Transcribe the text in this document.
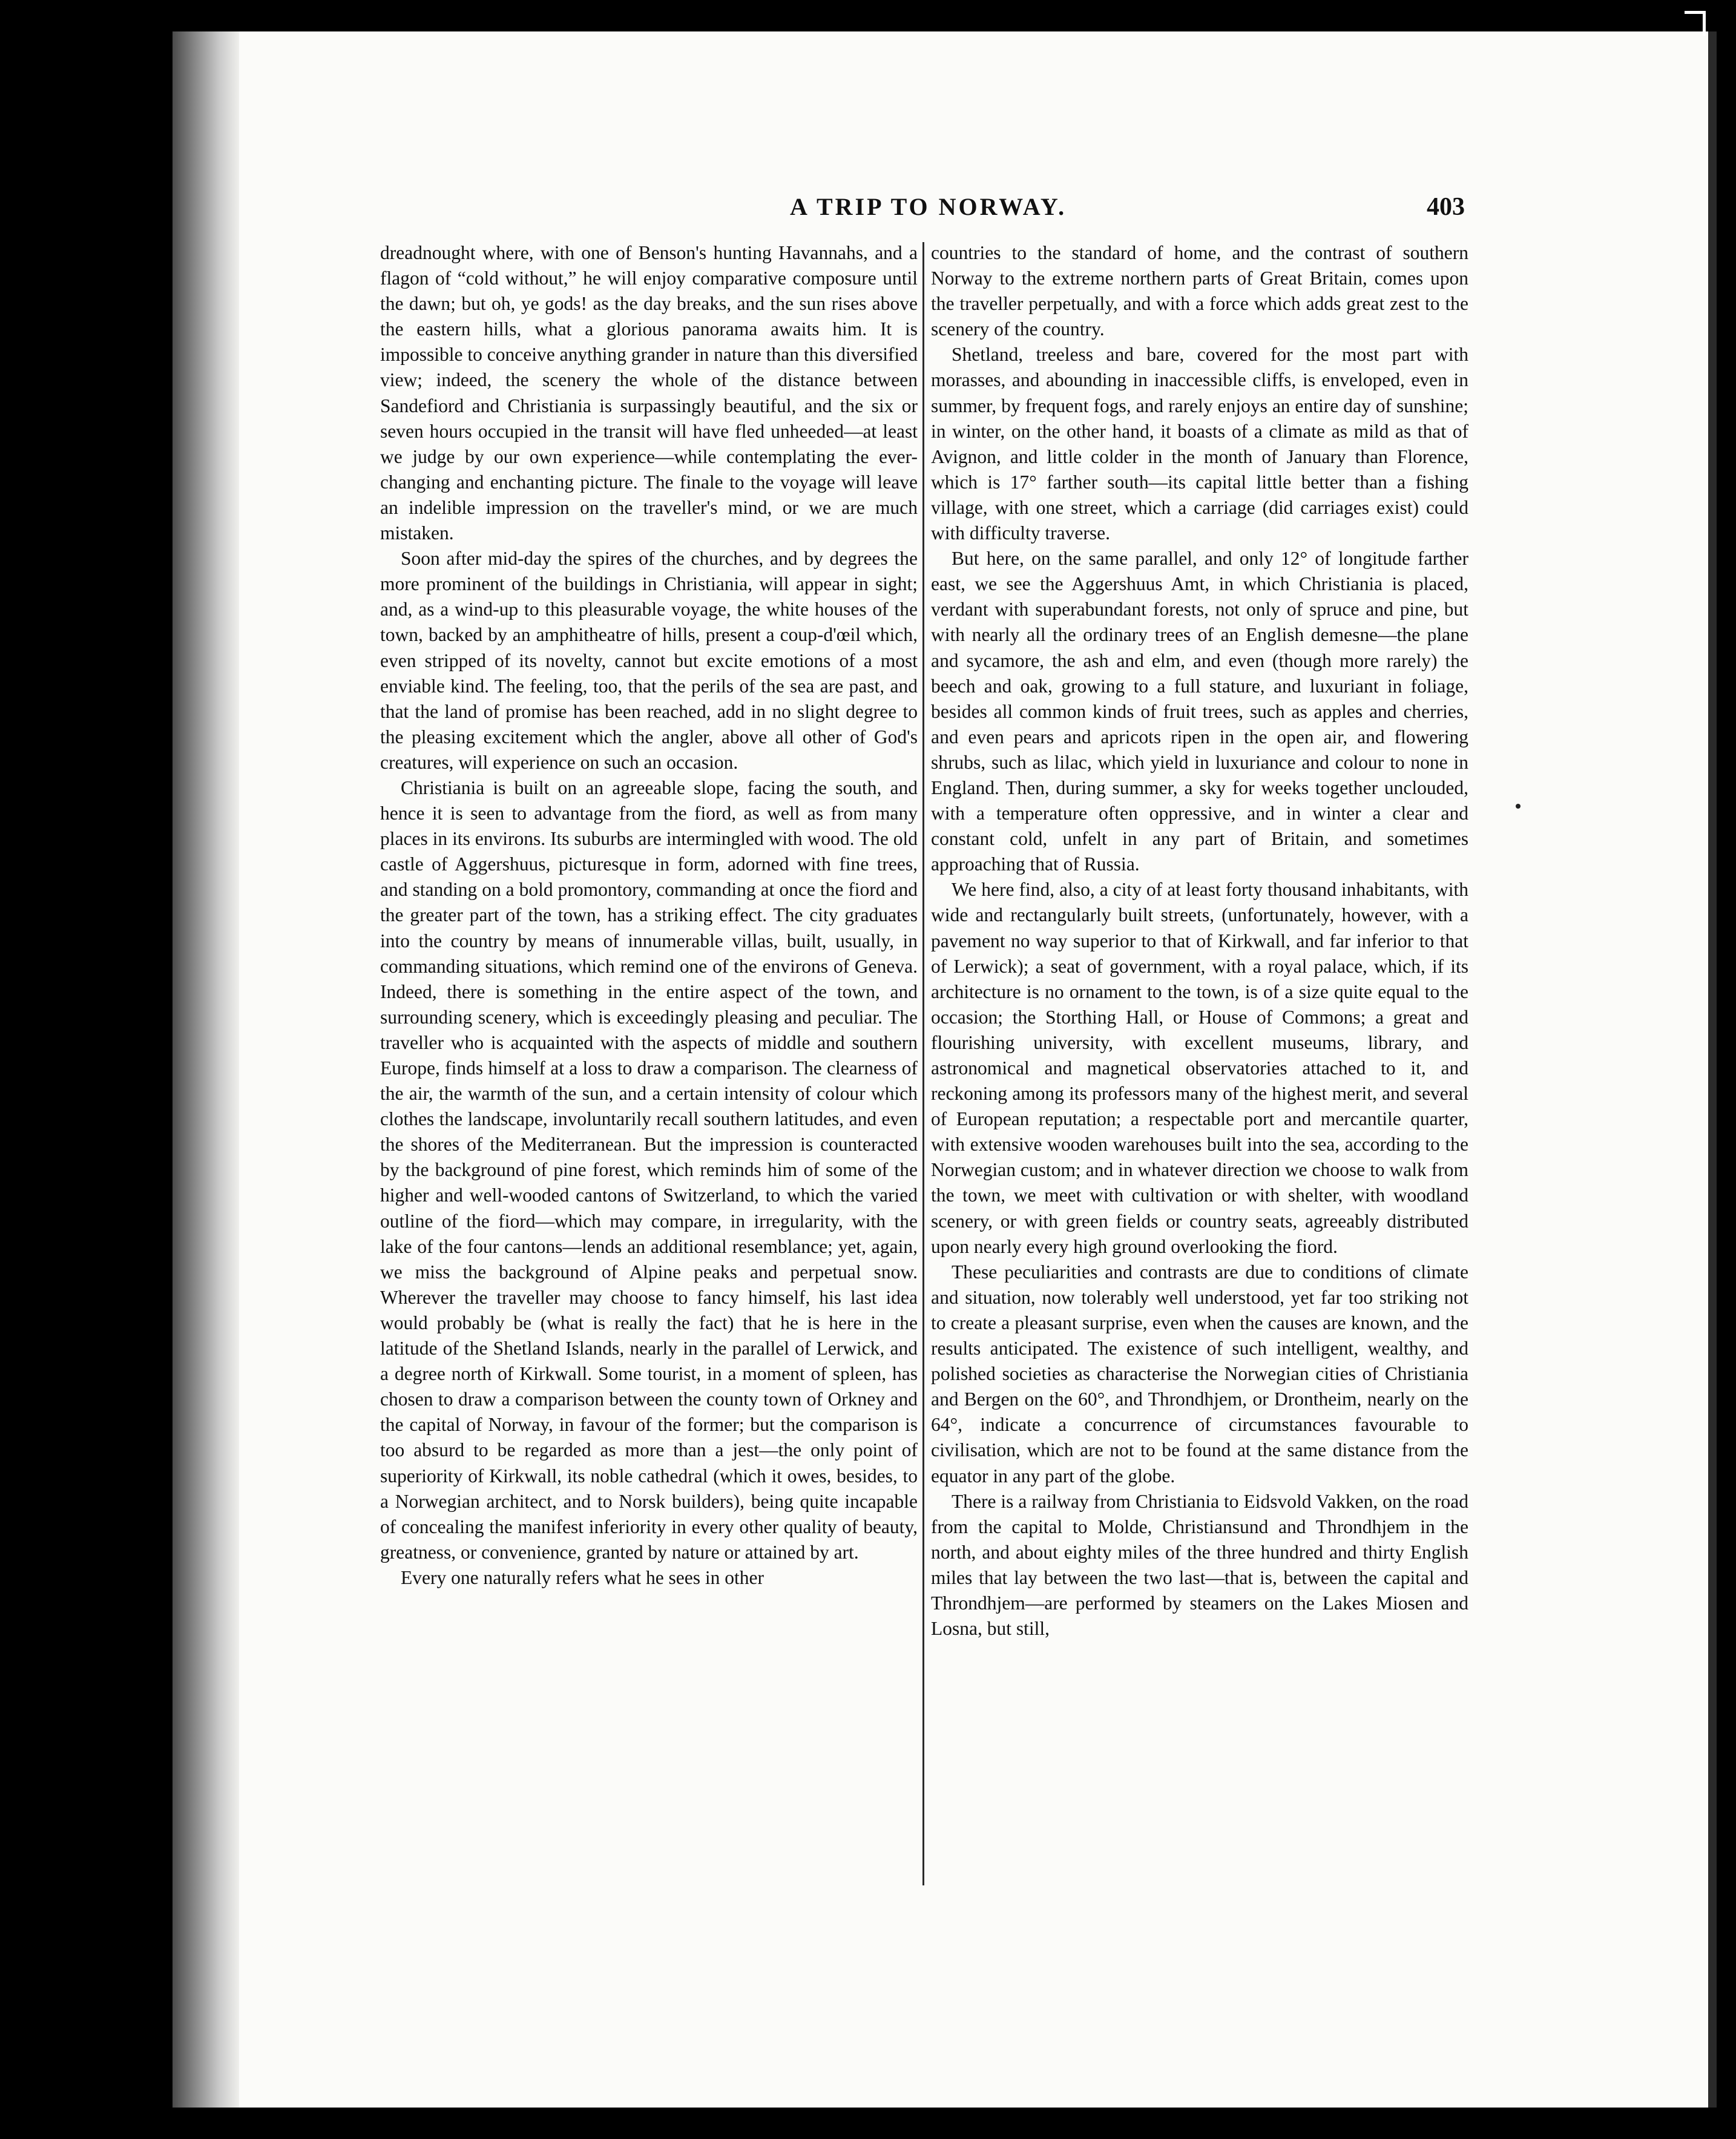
A TRIP TO NORWAY.	403

dreadnought where, with one of Benson's hunting Havannahs, and a flagon of “cold without,” he will enjoy comparative composure until the dawn; but oh, ye gods! as the day breaks, and the sun rises above the eastern hills, what a glorious panorama awaits him. It is impossible to conceive anything grander in nature than this diversified view; indeed, the scenery the whole of the distance between Sandefiord and Christiania is surpassingly beautiful, and the six or seven hours occupied in the transit will have fled unheeded—at least we judge by our own experience—while contemplating the ever-changing and enchanting picture. The finale to the voyage will leave an indelible impression on the traveller's mind, or we are much mistaken.

Soon after mid-day the spires of the churches, and by degrees the more prominent of the buildings in Christiania, will appear in sight; and, as a wind-up to this pleasurable voyage, the white houses of the town, backed by an amphitheatre of hills, present a coup-d'œil which, even stripped of its novelty, cannot but excite emotions of a most enviable kind. The feeling, too, that the perils of the sea are past, and that the land of promise has been reached, add in no slight degree to the pleasing excitement which the angler, above all other of God's creatures, will experience on such an occasion.

Christiania is built on an agreeable slope, facing the south, and hence it is seen to advantage from the fiord, as well as from many places in its environs. Its suburbs are intermingled with wood. The old castle of Aggershuus, picturesque in form, adorned with fine trees, and standing on a bold promontory, commanding at once the fiord and the greater part of the town, has a striking effect. The city graduates into the country by means of innumerable villas, built, usually, in commanding situations, which remind one of the environs of Geneva. Indeed, there is something in the entire aspect of the town, and surrounding scenery, which is exceedingly pleasing and peculiar. The traveller who is acquainted with the aspects of middle and southern Europe, finds himself at a loss to draw a comparison. The clearness of the air, the warmth of the sun, and a certain intensity of colour which clothes the landscape, involuntarily recall southern latitudes, and even the shores of the Mediterranean. But the impression is counteracted by the background of pine forest, which reminds him of some of the higher and well-wooded cantons of Switzerland, to which the varied outline of the fiord—which may compare, in irregularity, with the lake of the four cantons—lends an additional resemblance; yet, again, we miss the background of Alpine peaks and perpetual snow. Wherever the traveller may choose to fancy himself, his last idea would probably be (what is really the fact) that he is here in the latitude of the Shetland Islands, nearly in the parallel of Lerwick, and a degree north of Kirkwall. Some tourist, in a moment of spleen, has chosen to draw a comparison between the county town of Orkney and the capital of Norway, in favour of the former; but the comparison is too absurd to be regarded as more than a jest—the only point of superiority of Kirkwall, its noble cathedral (which it owes, besides, to a Norwegian architect, and to Norsk builders), being quite incapable of concealing the manifest inferiority in every other quality of beauty, greatness, or convenience, granted by nature or attained by art.

Every one naturally refers what he sees in other

countries to the standard of home, and the contrast of southern Norway to the extreme northern parts of Great Britain, comes upon the traveller perpetually, and with a force which adds great zest to the scenery of the country.

Shetland, treeless and bare, covered for the most part with morasses, and abounding in inaccessible cliffs, is enveloped, even in summer, by frequent fogs, and rarely enjoys an entire day of sunshine; in winter, on the other hand, it boasts of a climate as mild as that of Avignon, and little colder in the month of January than Florence, which is 17° farther south—its capital little better than a fishing village, with one street, which a carriage (did carriages exist) could with difficulty traverse.

But here, on the same parallel, and only 12° of longitude farther east, we see the Aggershuus Amt, in which Christiania is placed, verdant with superabundant forests, not only of spruce and pine, but with nearly all the ordinary trees of an English demesne—the plane and sycamore, the ash and elm, and even (though more rarely) the beech and oak, growing to a full stature, and luxuriant in foliage, besides all common kinds of fruit trees, such as apples and cherries, and even pears and apricots ripen in the open air, and flowering shrubs, such as lilac, which yield in luxuriance and colour to none in England. Then, during summer, a sky for weeks together unclouded, with a temperature often oppressive, and in winter a clear and constant cold, unfelt in any part of Britain, and sometimes approaching that of Russia.

We here find, also, a city of at least forty thousand inhabitants, with wide and rectangularly built streets, (unfortunately, however, with a pavement no way superior to that of Kirkwall, and far inferior to that of Lerwick); a seat of government, with a royal palace, which, if its architecture is no ornament to the town, is of a size quite equal to the occasion; the Storthing Hall, or House of Commons; a great and flourishing university, with excellent museums, library, and astronomical and magnetical observatories attached to it, and reckoning among its professors many of the highest merit, and several of European reputation; a respectable port and mercantile quarter, with extensive wooden warehouses built into the sea, according to the Norwegian custom; and in whatever direction we choose to walk from the town, we meet with cultivation or with shelter, with woodland scenery, or with green fields or country seats, agreeably distributed upon nearly every high ground overlooking the fiord.

These peculiarities and contrasts are due to conditions of climate and situation, now tolerably well understood, yet far too striking not to create a pleasant surprise, even when the causes are known, and the results anticipated. The existence of such intelligent, wealthy, and polished societies as characterise the Norwegian cities of Christiania and Bergen on the 60°, and Throndhjem, or Drontheim, nearly on the 64°, indicate a concurrence of circumstances favourable to civilisation, which are not to be found at the same distance from the equator in any part of the globe.

There is a railway from Christiania to Eidsvold Vakken, on the road from the capital to Molde, Christiansund and Throndhjem in the north, and about eighty miles of the three hundred and thirty English miles that lay between the two last—that is, between the capital and Throndhjem—are performed by steamers on the Lakes Miosen and Losna, but still,
